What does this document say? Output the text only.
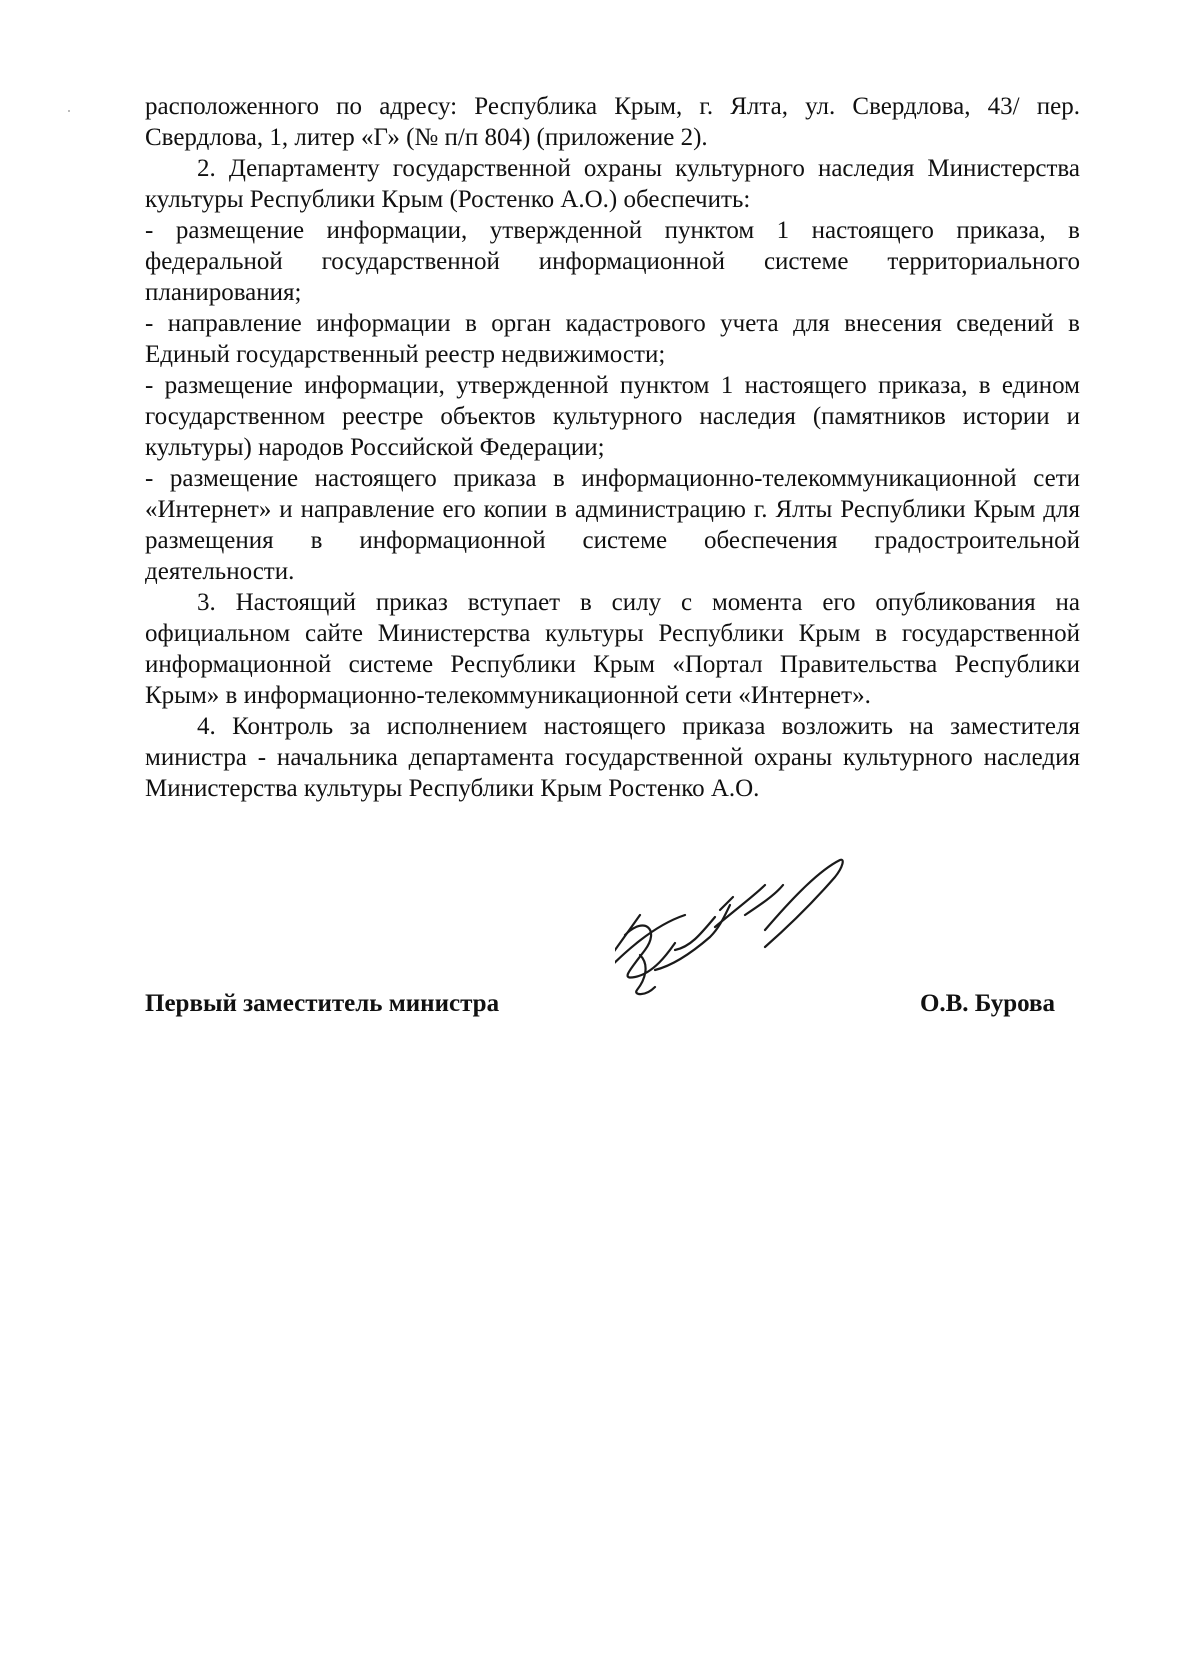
расположенного по адресу: Республика Крым, г. Ялта, ул. Свердлова, 43/ пер. Свердлова, 1, литер «Г» (№ п/п 804) (приложение 2).

2. Департаменту государственной охраны культурного наследия Министерства культуры Республики Крым (Ростенко А.О.) обеспечить:

- размещение информации, утвержденной пунктом 1 настоящего приказа, в федеральной государственной информационной системе территориального планирования;

- направление информации в орган кадастрового учета для внесения сведений в Единый государственный реестр недвижимости;

- размещение информации, утвержденной пунктом 1 настоящего приказа, в едином государственном реестре объектов культурного наследия (памятников истории и культуры) народов Российской Федерации;

- размещение настоящего приказа в информационно-телекоммуникационной сети «Интернет» и направление его копии в администрацию г. Ялты Республики Крым для размещения в информационной системе обеспечения градостроительной деятельности.

3. Настоящий приказ вступает в силу с момента его опубликования на официальном сайте Министерства культуры Республики Крым в государственной информационной системе Республики Крым «Портал Правительства Республики Крым» в информационно-телекоммуникационной сети «Интернет».

4. Контроль за исполнением настоящего приказа возложить на заместителя министра - начальника департамента государственной охраны культурного наследия Министерства культуры Республики Крым Ростенко А.О.

Первый заместитель министра	О.В. Бурова
